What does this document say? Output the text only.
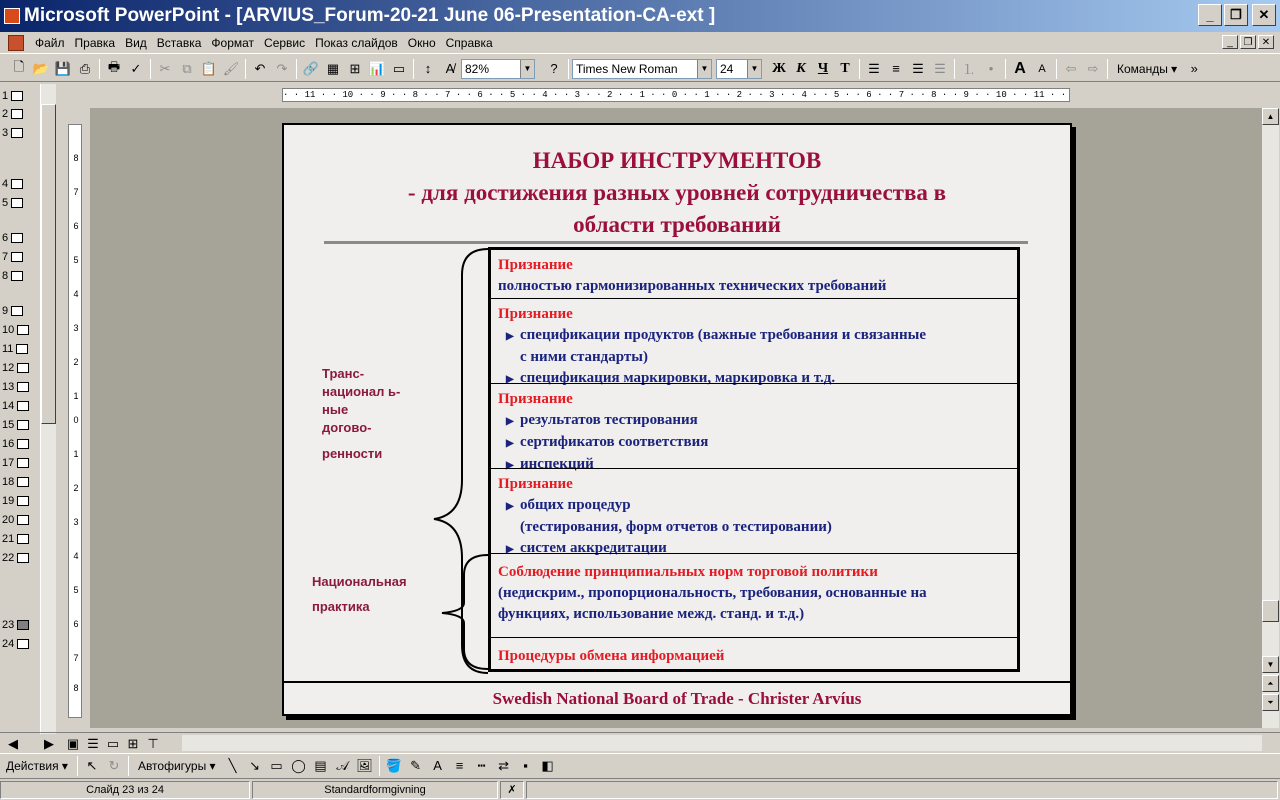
Microsoft PowerPoint - [ARVIUS_Forum-20-21 June 06-Presentation-CA-ext ]	_	❐	✕
Файл Правка Вид Вставка Формат Сервис Показ слайдов Окно Справка	_	❐ ✕
🗋 📂 💾 ⎙	🖶 ✓	✂ ⧉ 📋 🖌	↶ ↷	🔗 ▦ ⊞ 📊 ▭	↕	A̸ 82%	▼	?	Times New Roman	▼ 24	▼ Ж К Ч Т	☰ ≡ ☰ ☰	⒈	•	A	A	⇦ ⇨	Команды ▾	»
1
2
3
4
5
6
7
8
9
10
11
12
13
14
15
16
17
18
19
20
21
22
23
24
· · 11 · · 10 · · 9 · · 8 · · 7 · · 6 · · 5 · · 4 · · 3 · · 2 · · 1 · · 0 · · 1 · · 2 · · 3 · · 4 · · 5 · · 6 · · 7 · · 8 · · 9 · · 10 · · 11 · ·
8
7
6
5
4
3
2
1
0
1
2
3
4
5
6
7
8
НАБОР ИНСТРУМЕНТОВ
- для достижения разных уровней сотрудничества в
области требований
Транс-
национал ь-
ные
догово-
ренности
Национальная
практика
Признание
полностью гармонизированных технических требований
Признание
▶ спецификации продуктов (важные требования и связанные
с ними стандарты)
▶ спецификация маркировки, маркировка и т.д.
Признание
▶ результатов тестирования
▶ сертификатов соответствия
▶ инспекций
Признание
▶ общих процедур
(тестирования, форм отчетов о тестировании)
▶ систем аккредитации
Соблюдение принципиальных норм торговой политики
(недискрим., пропорциональность, требования, основанные на
функциях, использование межд. станд. и т.д.)
Процедуры обмена информацией
Swedish National Board of Trade - Christer Arvíus
▲
▼
⏶
⏷
◀	▶ ▣ ☰ ▭ ⊞ ⊤
Действия ▾	↖ ↻	Автофигуры ▾	╲ ↘ ▭ ◯ ▤ 𝒜 🖼 🪣 ✎ A	≡	┅ ⇄	▪	◧
Слайд 23 из 24	Standardformgivning	✗
